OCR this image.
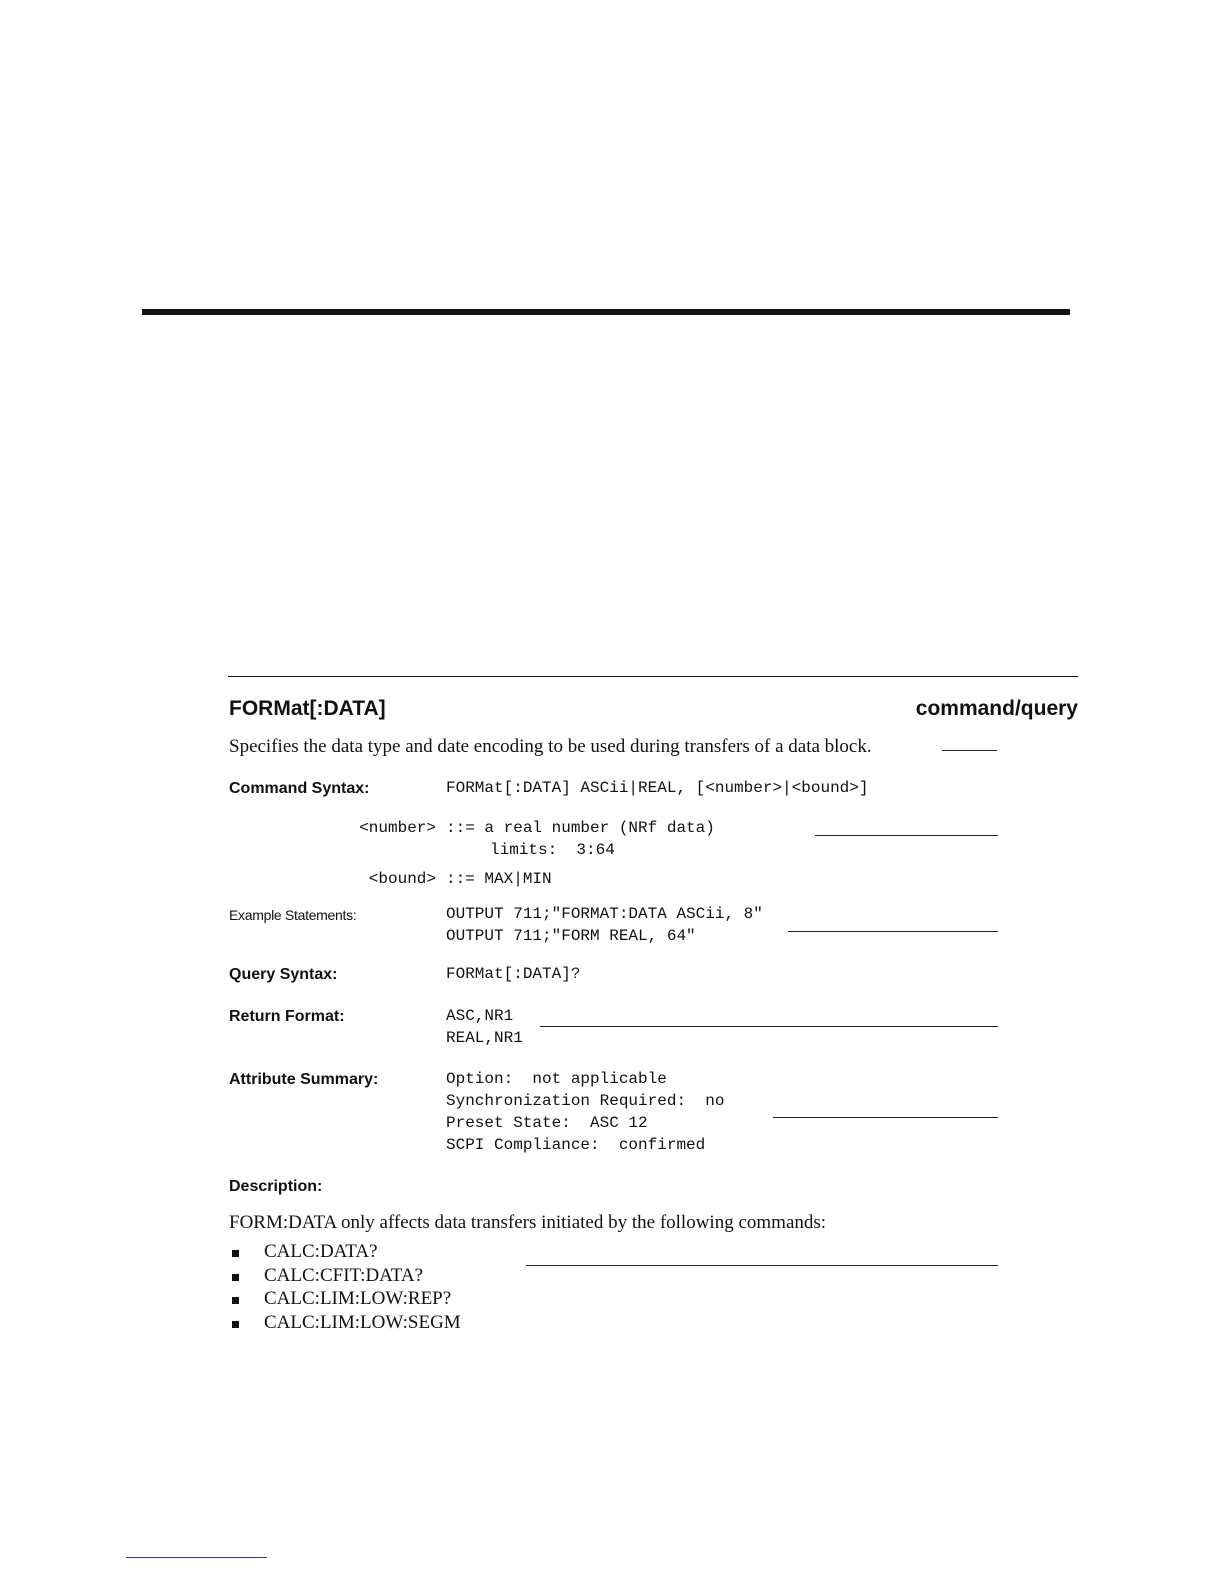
FORMat[:DATA]	command/query
Specifies the data type and date encoding to be used during transfers of a data block.
Command Syntax:	FORMat[:DATA] ASCii|REAL, [<number>|<bound>]
<number> ::= a real number (NRf data)
limits:  3:64
<bound> ::= MAX|MIN
Example Statements:	OUTPUT 711;"FORMAT:DATA ASCii, 8"
OUTPUT 711;"FORM REAL, 64"
Query Syntax:	FORMat[:DATA]?
Return Format:	ASC,NR1
REAL,NR1
Attribute Summary:	Option:  not applicable
Synchronization Required:  no
Preset State:  ASC 12
SCPI Compliance:  confirmed
Description:
FORM:DATA only affects data transfers initiated by the following commands:
CALC:DATA?
CALC:CFIT:DATA?
CALC:LIM:LOW:REP?
CALC:LIM:LOW:SEGM
